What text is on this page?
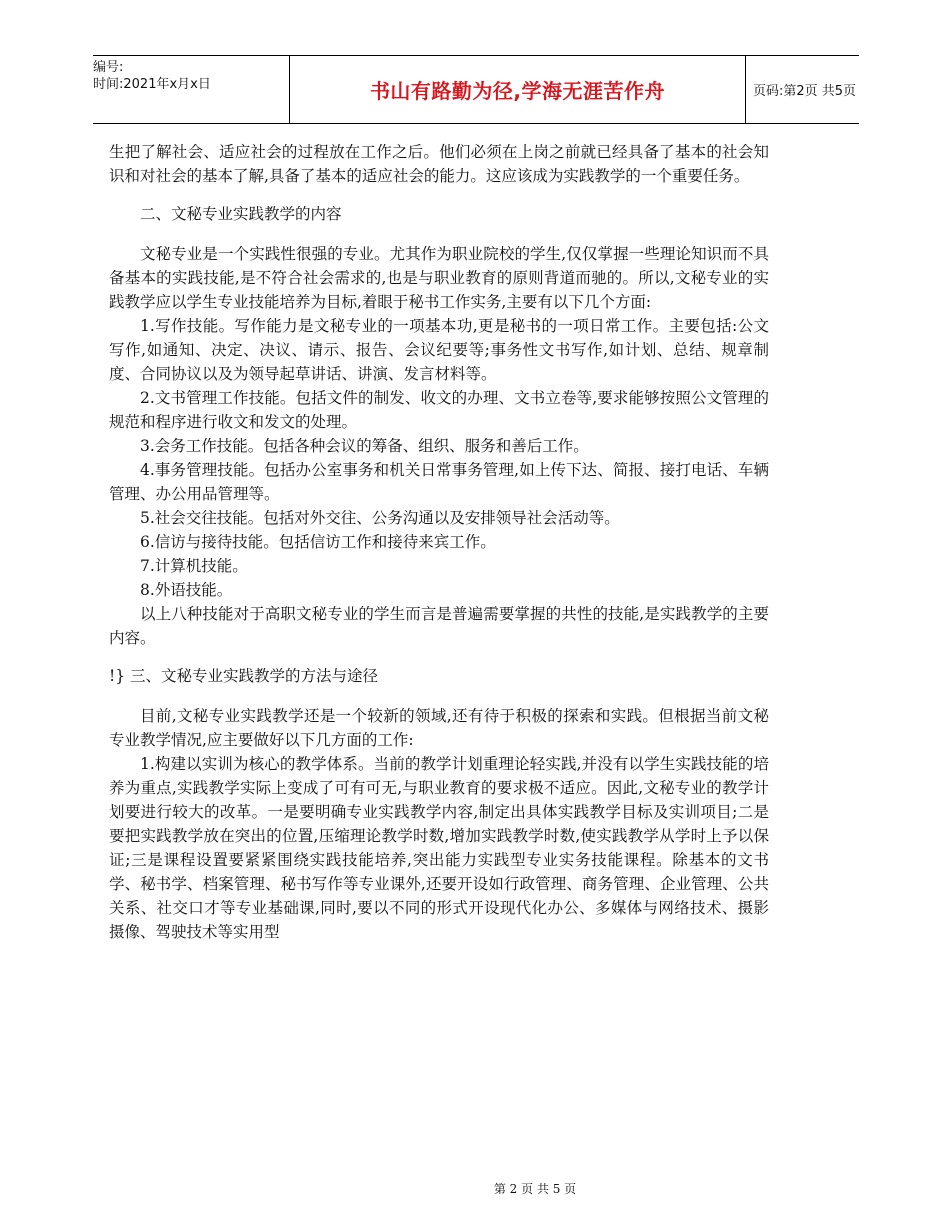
编号:
时间:2021年x月x日	书山有路勤为径,学海无涯苦作舟	页码:第2页 共5页

生把了解社会、适应社会的过程放在工作之后。他们必须在上岗之前就已经具备了基本的社会知识和对社会的基本了解,具备了基本的适应社会的能力。这应该成为实践教学的一个重要任务。

二、文秘专业实践教学的内容

文秘专业是一个实践性很强的专业。尤其作为职业院校的学生,仅仅掌握一些理论知识而不具备基本的实践技能,是不符合社会需求的,也是与职业教育的原则背道而驰的。所以,文秘专业的实践教学应以学生专业技能培养为目标,着眼于秘书工作实务,主要有以下几个方面:

1.写作技能。写作能力是文秘专业的一项基本功,更是秘书的一项日常工作。主要包括:公文写作,如通知、决定、决议、请示、报告、会议纪要等;事务性文书写作,如计划、总结、规章制度、合同协议以及为领导起草讲话、讲演、发言材料等。

2.文书管理工作技能。包括文件的制发、收文的办理、文书立卷等,要求能够按照公文管理的规范和程序进行收文和发文的处理。

3.会务工作技能。包括各种会议的筹备、组织、服务和善后工作。

4.事务管理技能。包括办公室事务和机关日常事务管理,如上传下达、简报、接打电话、车辆管理、办公用品管理等。

5.社会交往技能。包括对外交往、公务沟通以及安排领导社会活动等。

6.信访与接待技能。包括信访工作和接待来宾工作。

7.计算机技能。

8.外语技能。

以上八种技能对于高职文秘专业的学生而言是普遍需要掌握的共性的技能,是实践教学的主要内容。

!} 三、文秘专业实践教学的方法与途径

目前,文秘专业实践教学还是一个较新的领域,还有待于积极的探索和实践。但根据当前文秘专业教学情况,应主要做好以下几方面的工作:

1.构建以实训为核心的教学体系。当前的教学计划重理论轻实践,并没有以学生实践技能的培养为重点,实践教学实际上变成了可有可无,与职业教育的要求极不适应。因此,文秘专业的教学计划要进行较大的改革。一是要明确专业实践教学内容,制定出具体实践教学目标及实训项目;二是要把实践教学放在突出的位置,压缩理论教学时数,增加实践教学时数,使实践教学从学时上予以保证;三是课程设置要紧紧围绕实践技能培养,突出能力实践型专业实务技能课程。除基本的文书学、秘书学、档案管理、秘书写作等专业课外,还要开设如行政管理、商务管理、企业管理、公共关系、社交口才等专业基础课,同时,要以不同的形式开设现代化办公、多媒体与网络技术、摄影摄像、驾驶技术等实用型

第 2 页 共 5 页
